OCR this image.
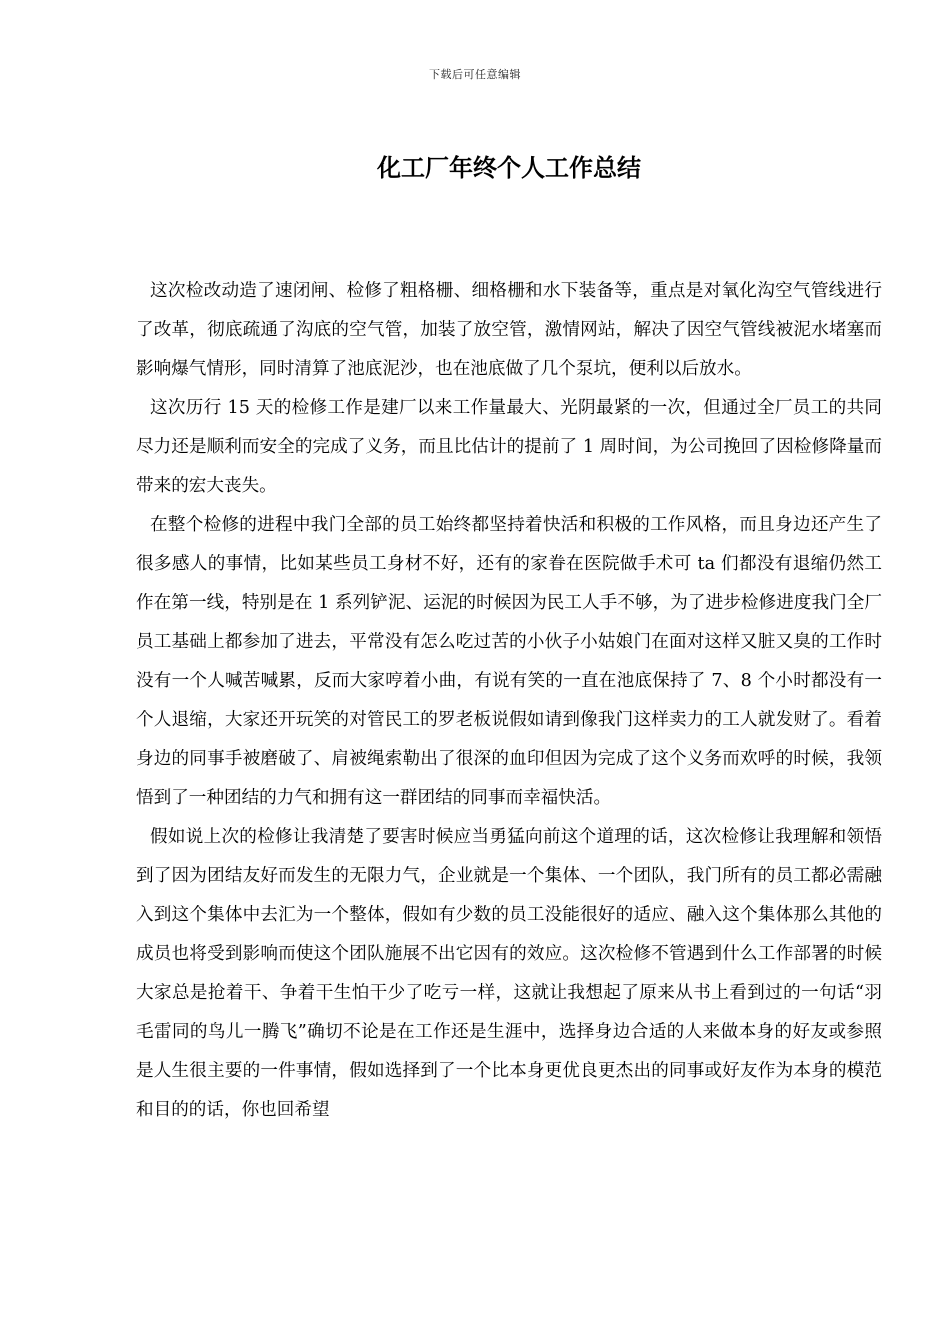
下载后可任意编辑
化工厂年终个人工作总结

这次检改动造了速闭闸、检修了粗格栅、细格栅和水下装备等，重点是对氧化沟空气管线进行了改革，彻底疏通了沟底的空气管，加装了放空管，激情网站，解决了因空气管线被泥水堵塞而影响爆气情形，同时清算了池底泥沙，也在池底做了几个泵坑，便利以后放水。

这次历行 15 天的检修工作是建厂以来工作量最大、光阴最紧的一次，但通过全厂员工的共同尽力还是顺利而安全的完成了义务，而且比估计的提前了 1 周时间，为公司挽回了因检修降量而带来的宏大丧失。

在整个检修的进程中我门全部的员工始终都坚持着快活和积极的工作风格，而且身边还产生了很多感人的事情，比如某些员工身材不好，还有的家眷在医院做手术可 ta 们都没有退缩仍然工作在第一线，特别是在 1 系列铲泥、运泥的时候因为民工人手不够，为了进步检修进度我门全厂员工基础上都参加了进去，平常没有怎么吃过苦的小伙子小姑娘门在面对这样又脏又臭的工作时没有一个人喊苦喊累，反而大家哼着小曲，有说有笑的一直在池底保持了 7、8 个小时都没有一个人退缩，大家还开玩笑的对管民工的罗老板说假如请到像我门这样卖力的工人就发财了。看着身边的同事手被磨破了、肩被绳索勒出了很深的血印但因为完成了这个义务而欢呼的时候，我领悟到了一种团结的力气和拥有这一群团结的同事而幸福快活。

假如说上次的检修让我清楚了要害时候应当勇猛向前这个道理的话，这次检修让我理解和领悟到了因为团结友好而发生的无限力气，企业就是一个集体、一个团队，我门所有的员工都必需融入到这个集体中去汇为一个整体，假如有少数的员工没能很好的适应、融入这个集体那么其他的成员也将受到影响而使这个团队施展不出它因有的效应。这次检修不管遇到什么工作部署的时候大家总是抢着干、争着干生怕干少了吃亏一样，这就让我想起了原来从书上看到过的一句话“羽毛雷同的鸟儿一腾飞”确切不论是在工作还是生涯中，选择身边合适的人来做本身的好友或参照是人生很主要的一件事情，假如选择到了一个比本身更优良更杰出的同事或好友作为本身的模范和目的的话，你也回希望
